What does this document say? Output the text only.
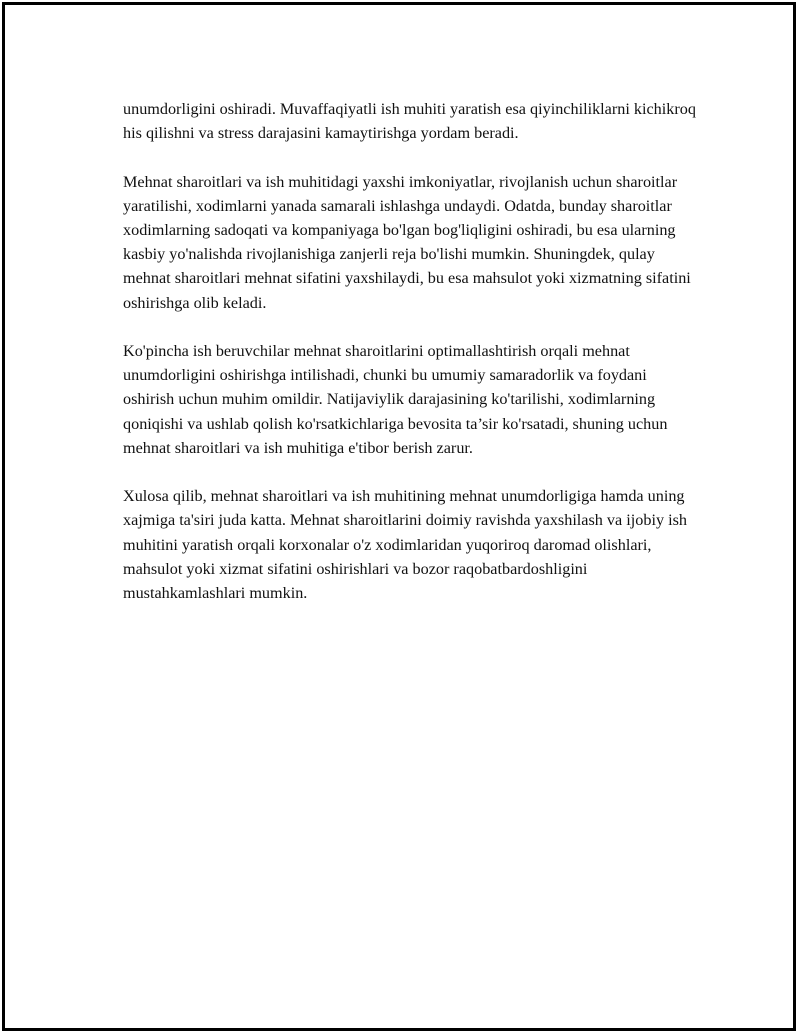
unumdorligini oshiradi. Muvaffaqiyatli ish muhiti yaratish esa qiyinchiliklarni kichikroq his qilishni va stress darajasini kamaytirishga yordam beradi.

Mehnat sharoitlari va ish muhitidagi yaxshi imkoniyatlar, rivojlanish uchun sharoitlar yaratilishi, xodimlarni yanada samarali ishlashga undaydi. Odatda, bunday sharoitlar xodimlarning sadoqati va kompaniyaga bo'lgan bog'liqligini oshiradi, bu esa ularning kasbiy yo'nalishda rivojlanishiga zanjerli reja bo'lishi mumkin. Shuningdek, qulay mehnat sharoitlari mehnat sifatini yaxshilaydi, bu esa mahsulot yoki xizmatning sifatini oshirishga olib keladi.

Ko'pincha ish beruvchilar mehnat sharoitlarini optimallashtirish orqali mehnat unumdorligini oshirishga intilishadi, chunki bu umumiy samaradorlik va foydani oshirish uchun muhim omildir. Natijaviylik darajasining ko'tarilishi, xodimlarning qoniqishi va ushlab qolish ko'rsatkichlariga bevosita ta’sir ko'rsatadi, shuning uchun mehnat sharoitlari va ish muhitiga e'tibor berish zarur.

Xulosa qilib, mehnat sharoitlari va ish muhitining mehnat unumdorligiga hamda uning xajmiga ta'siri juda katta. Mehnat sharoitlarini doimiy ravishda yaxshilash va ijobiy ish muhitini yaratish orqali korxonalar o'z xodimlaridan yuqoriroq daromad olishlari, mahsulot yoki xizmat sifatini oshirishlari va bozor raqobatbardoshligini mustahkamlashlari mumkin.
